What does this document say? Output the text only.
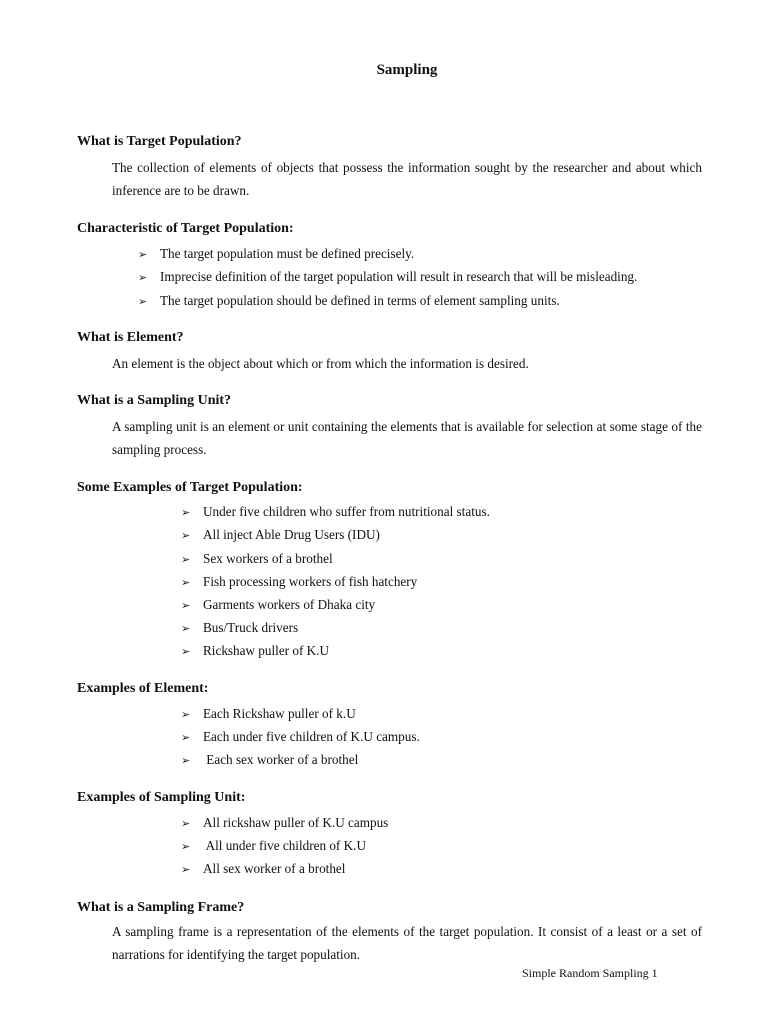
Sampling
What is Target Population?
The collection of elements of objects that possess the information sought by the researcher and about which inference are to be drawn.
Characteristic of Target Population:
➢ The target population must be defined precisely.
➢ Imprecise definition of the target population will result in research that will be misleading.
➢ The target population should be defined in terms of element sampling units.
What is Element?
An element is the object about which or from which the information is desired.
What is a Sampling Unit?
A sampling unit is an element or unit containing the elements that is available for selection at some stage of the sampling process.
Some Examples of Target Population:
➢ Under five children who suffer from nutritional status.
➢ All inject Able Drug Users (IDU)
➢ Sex workers of a brothel
➢ Fish processing workers of fish hatchery
➢ Garments workers of Dhaka city
➢ Bus/Truck drivers
➢ Rickshaw puller of K.U
Examples of Element:
➢ Each Rickshaw puller of k.U
➢ Each under five children of K.U campus.
➢ Each sex worker of a brothel
Examples of Sampling Unit:
➢ All rickshaw puller of K.U campus
➢ All under five children of K.U
➢ All sex worker of a brothel
What is a Sampling Frame?
A sampling frame is a representation of the elements of the target population. It consist of a least or a set of narrations for identifying the target population.
Simple Random Sampling 1
